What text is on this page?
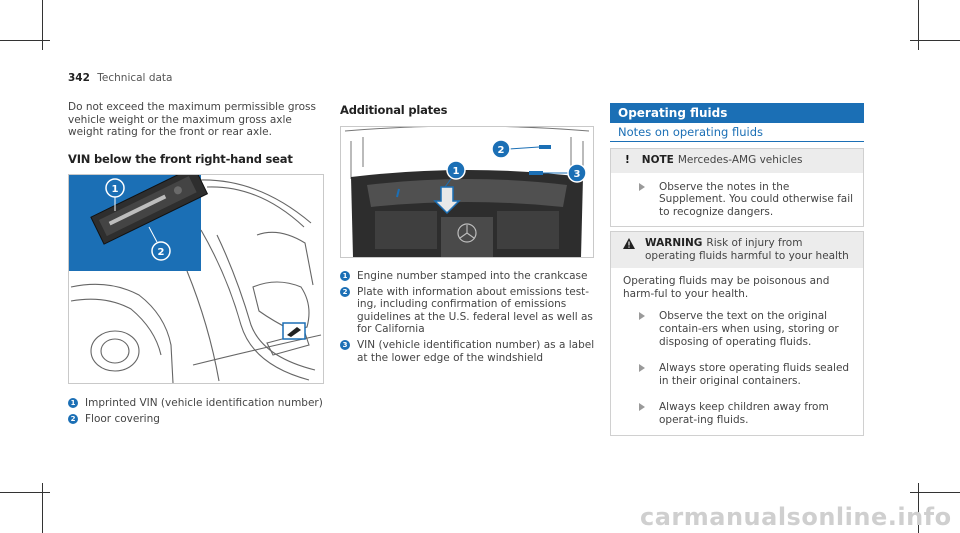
342 Technical data

Do not exceed the maximum permissible gross vehicle weight or the maximum gross axle weight rating for the front or rear axle.

VIN below the front right-hand seat

1
2
1 Imprinted VIN (vehicle identification number)
2 Floor covering

Additional plates

1
2
3
1 Engine number stamped into the crankcase
2 Plate with information about emissions test-ing, including confirmation of emissions guidelines at the U.S. federal level as well as for California
3 VIN (vehicle identification number) as a label at the lower edge of the windshield
Operating fluids
Notes on operating fluids
! NOTE Mercedes-AMG vehicles
Observe the notes in the Supplement. You could otherwise fail to recognize dangers.
WARNING Risk of injury from operating fluids harmful to your health
Operating fluids may be poisonous and harm-ful to your health.
Observe the text on the original contain-ers when using, storing or disposing of operating fluids.
Always store operating fluids sealed in their original containers.
Always keep children away from operat-ing fluids.
carmanualsonline.info
